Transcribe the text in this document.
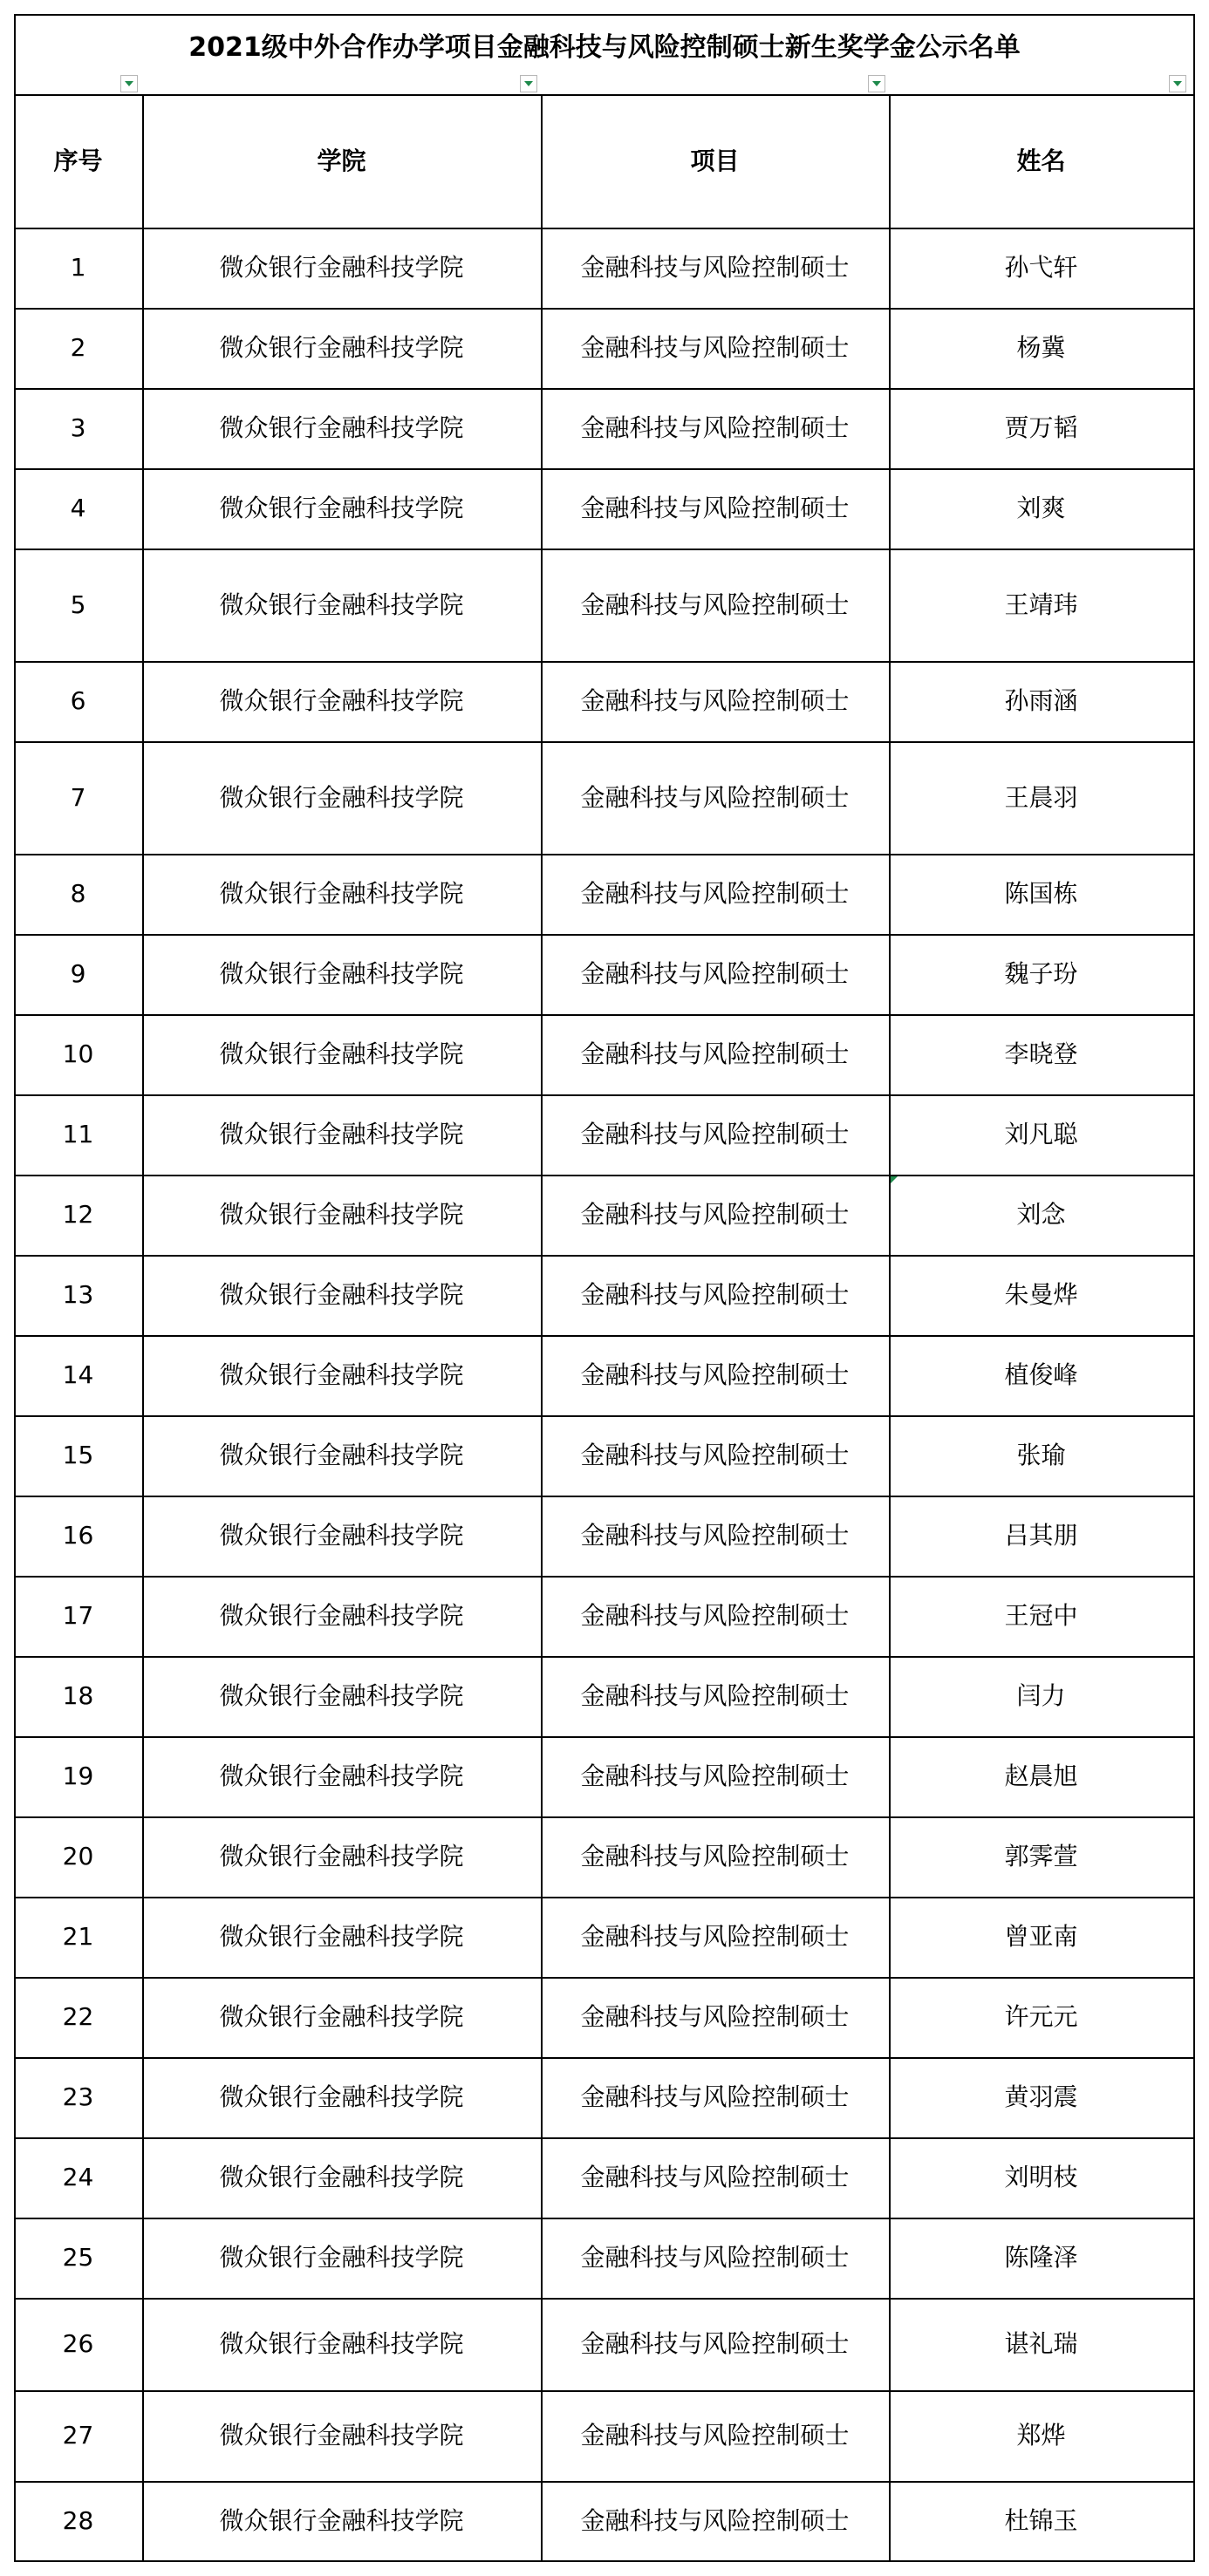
2021级中外合作办学项目金融科技与风险控制硕士新生奖学金公示名单
序号	学院	项目	姓名
1	微众银行金融科技学院	金融科技与风险控制硕士	孙弋轩
2	微众银行金融科技学院	金融科技与风险控制硕士	杨冀
3	微众银行金融科技学院	金融科技与风险控制硕士	贾万韬
4	微众银行金融科技学院	金融科技与风险控制硕士	刘爽
5	微众银行金融科技学院	金融科技与风险控制硕士	王靖玮
6	微众银行金融科技学院	金融科技与风险控制硕士	孙雨涵
7	微众银行金融科技学院	金融科技与风险控制硕士	王晨羽
8	微众银行金融科技学院	金融科技与风险控制硕士	陈国栋
9	微众银行金融科技学院	金融科技与风险控制硕士	魏子玢
10	微众银行金融科技学院	金融科技与风险控制硕士	李晓登
11	微众银行金融科技学院	金融科技与风险控制硕士	刘凡聪
12	微众银行金融科技学院	金融科技与风险控制硕士	刘念
13	微众银行金融科技学院	金融科技与风险控制硕士	朱曼烨
14	微众银行金融科技学院	金融科技与风险控制硕士	植俊峰
15	微众银行金融科技学院	金融科技与风险控制硕士	张瑜
16	微众银行金融科技学院	金融科技与风险控制硕士	吕其朋
17	微众银行金融科技学院	金融科技与风险控制硕士	王冠中
18	微众银行金融科技学院	金融科技与风险控制硕士	闫力
19	微众银行金融科技学院	金融科技与风险控制硕士	赵晨旭
20	微众银行金融科技学院	金融科技与风险控制硕士	郭霁萱
21	微众银行金融科技学院	金融科技与风险控制硕士	曾亚南
22	微众银行金融科技学院	金融科技与风险控制硕士	许元元
23	微众银行金融科技学院	金融科技与风险控制硕士	黄羽震
24	微众银行金融科技学院	金融科技与风险控制硕士	刘明枝
25	微众银行金融科技学院	金融科技与风险控制硕士	陈隆泽
26	微众银行金融科技学院	金融科技与风险控制硕士	谌礼瑞
27	微众银行金融科技学院	金融科技与风险控制硕士	郑烨
28	微众银行金融科技学院	金融科技与风险控制硕士	杜锦玉
